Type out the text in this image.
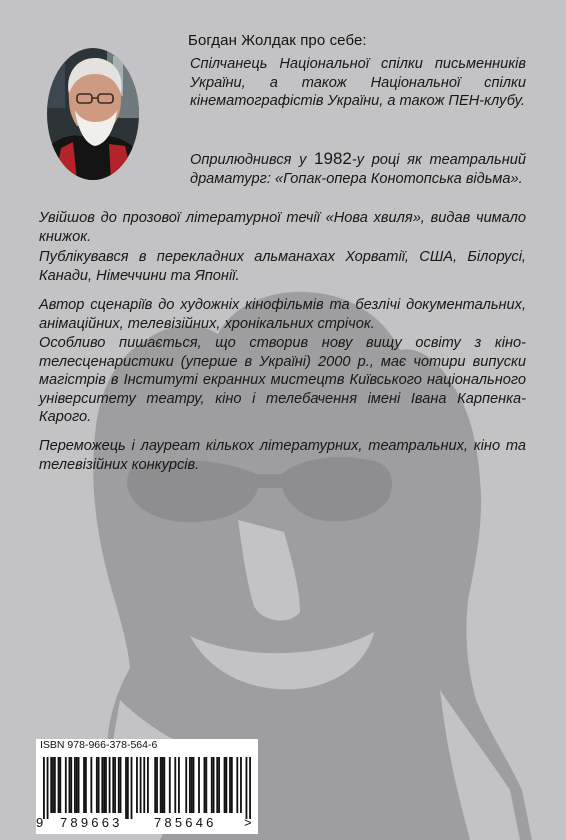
Богдан Жолдак про себе:

Спілчанець Національної спілки письменників України, а також Національної спілки кінематографістів України, а також ПЕН-клубу.

Оприлюднився у 1982-у році як театральний драматург: «Гопак-опера Конотопська відьма».

Увійшов до прозової літературної течії «Нова хвиля», видав чимало книжок.

Публікувався в перекладних альманахах Хорватії, США, Білорусі, Канади, Німеччини та Японії.

Автор сценаріїв до художніх кінофільмів та безлічі документальних, анімаційних, телевізійних, хронікальних стрічок.

Особливо пишається, що створив нову вищу освіту з кіно-телесценаристики (уперше в Україні) 2000 р., має чотири випуски магістрів в Інституті екранних мистецтв Київського національного університету театру, кіно і телебачення імені Івана Карпенка-Карого.

Переможець і лауреат кількох літературних, театральних, кіно та телевізійних конкурсів.

ISBN 978-966-378-564-6
9 789663 785646 >
